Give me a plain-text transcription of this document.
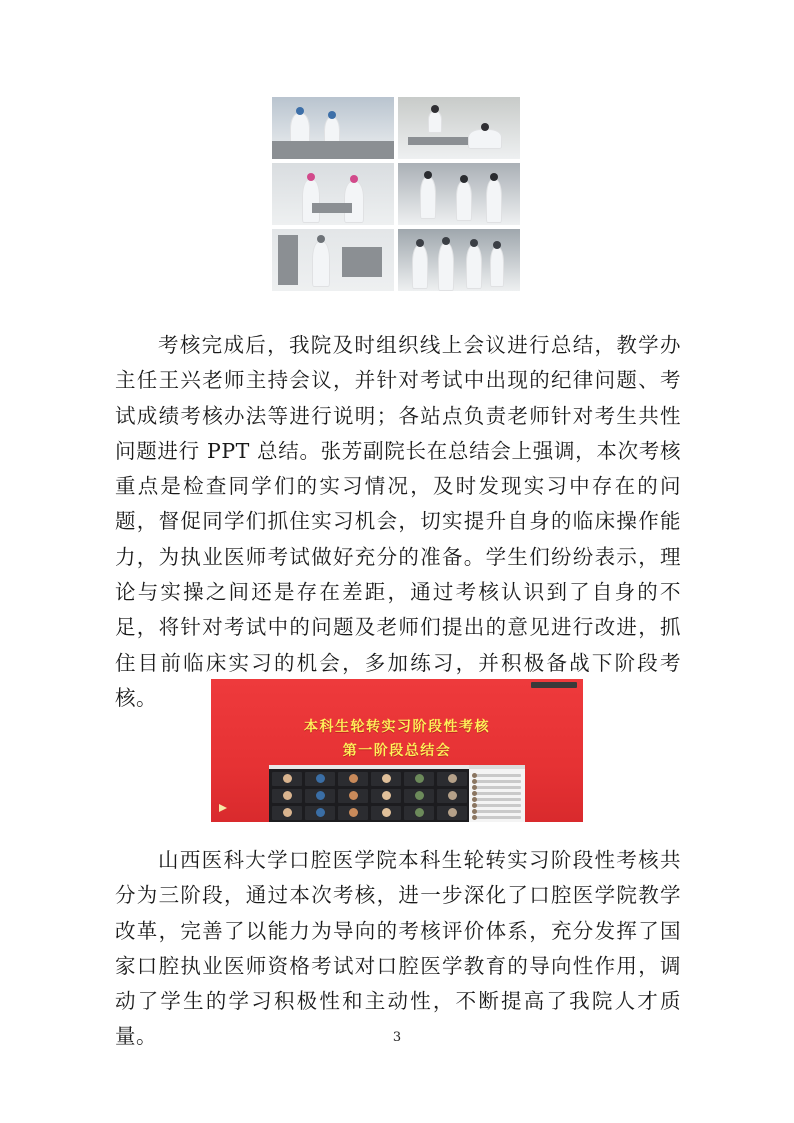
考核完成后，我院及时组织线上会议进行总结，教学办主任王兴老师主持会议，并针对考试中出现的纪律问题、考试成绩考核办法等进行说明；各站点负责老师针对考生共性问题进行 PPT 总结。张芳副院长在总结会上强调，本次考核重点是检查同学们的实习情况，及时发现实习中存在的问题，督促同学们抓住实习机会，切实提升自身的临床操作能力，为执业医师考试做好充分的准备。学生们纷纷表示，理论与实操之间还是存在差距，通过考核认识到了自身的不足，将针对考试中的问题及老师们提出的意见进行改进，抓住目前临床实习的机会，多加练习，并积极备战下阶段考核。

本科生轮转实习阶段性考核
第一阶段总结会

山西医科大学口腔医学院本科生轮转实习阶段性考核共分为三阶段，通过本次考核，进一步深化了口腔医学院教学改革，完善了以能力为导向的考核评价体系，充分发挥了国家口腔执业医师资格考试对口腔医学教育的导向性作用，调动了学生的学习积极性和主动性，不断提高了我院人才质量。	3
